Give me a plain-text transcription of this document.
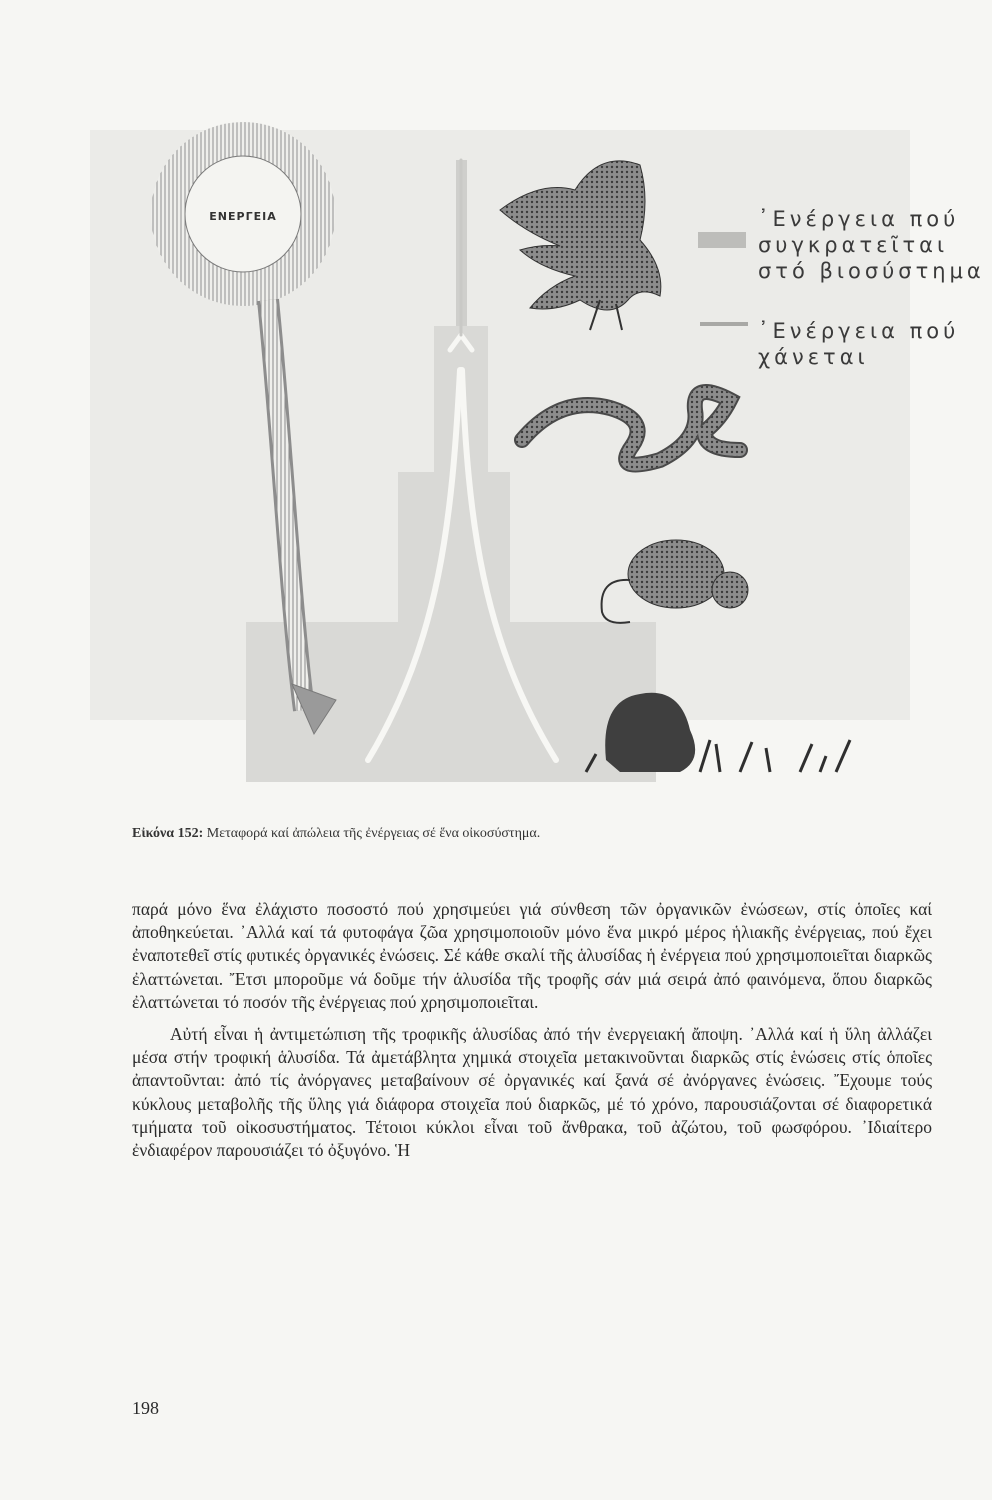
ΕΝΕΡΓΕΙΑ	᾿Ενέργεια πού
συγκρατεῖται
στό βιοσύστημα
᾿Ενέργεια πού
χάνεται
Εἰκόνα 152: Μεταφορά καί ἀπώλεια τῆς ἐνέργειας σέ ἕνα οἰκοσύστημα.

παρά μόνο ἕνα ἐλάχιστο ποσοστό πού χρησιμεύει γιά σύνθεση τῶν ὀργανικῶν ἐνώσεων, στίς ὁποῖες καί ἀποθηκεύεται. ᾿Αλλά καί τά φυτοφάγα ζῶα χρησιμοποιοῦν μόνο ἕνα μικρό μέρος ἡλιακῆς ἐνέργειας, πού ἔχει ἐναποτεθεῖ στίς φυτικές ὀργανικές ἐνώσεις. Σέ κάθε σκαλί τῆς ἁλυσίδας ἡ ἐνέργεια πού χρησιμοποιεῖται διαρκῶς ἐλαττώνεται. Ἔτσι μποροῦμε νά δοῦμε τήν ἁλυσίδα τῆς τροφῆς σάν μιά σειρά ἀπό φαινόμενα, ὅπου διαρκῶς ἐλαττώνεται τό ποσόν τῆς ἐνέργειας πού χρησιμοποιεῖται.

Αὐτή εἶναι ἡ ἀντιμετώπιση τῆς τροφικῆς ἁλυσίδας ἀπό τήν ἐνεργειακή ἄποψη. ᾿Αλλά καί ἡ ὕλη ἀλλάζει μέσα στήν τροφική ἁλυσίδα. Τά ἀμετάβλητα χημικά στοιχεῖα μετακινοῦνται διαρκῶς στίς ἑνώσεις στίς ὁποῖες ἀπαντοῦνται: ἀπό τίς ἀνόργανες μεταβαίνουν σέ ὀργανικές καί ξανά σέ ἀνόργανες ἑνώσεις. Ἔχουμε τούς κύκλους μεταβολῆς τῆς ὕλης γιά διάφορα στοιχεῖα πού διαρκῶς, μέ τό χρόνο, παρουσιάζονται σέ διαφορετικά τμήματα τοῦ οἰκοσυστήματος. Τέτοιοι κύκλοι εἶναι τοῦ ἄνθρακα, τοῦ ἀζώτου, τοῦ φωσφόρου. ᾿Ιδιαίτερο ἐνδιαφέρον παρουσιάζει τό ὀξυγόνο. Ἡ

198
